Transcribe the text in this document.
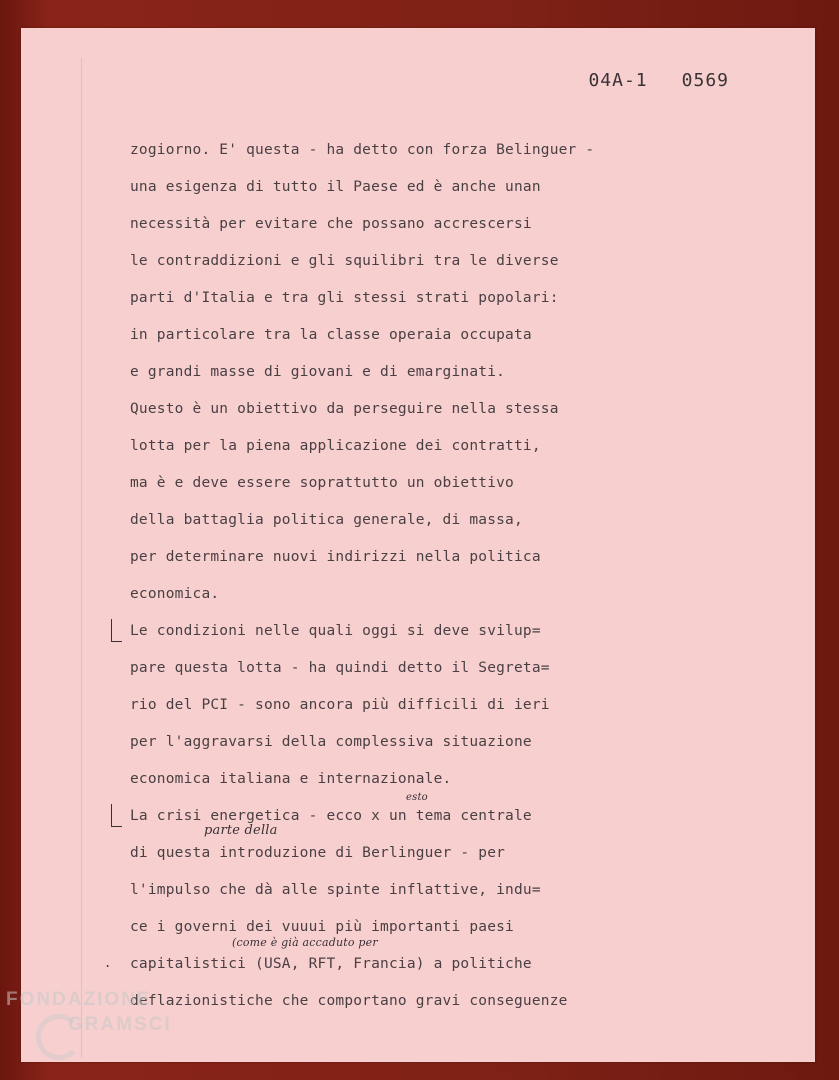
04A-1 0569
zogiorno. E' questa - ha detto con forza Belinguer -
una esigenza di tutto il Paese ed è anche unan
necessità per evitare che possano accrescersi
le contraddizioni e gli squilibri tra le diverse
parti d'Italia e tra gli stessi strati popolari:
in particolare tra la classe operaia occupata
e grandi masse di giovani e di emarginati.
Questo è un obiettivo da perseguire nella stessa
lotta per la piena applicazione dei contratti,
ma è e deve essere soprattutto un obiettivo
della battaglia politica generale, di massa,
per determinare nuovi indirizzi nella politica
economica.
Le condizioni nelle quali oggi si deve svilup=
pare questa lotta - ha quindi detto il Segreta=
rio del PCI - sono ancora più difficili di ieri
per l'aggravarsi della complessiva situazione
economica italiana e internazionale.
La crisi energetica - ecco x un tema centrale
esto
di questa introduzione di Berlinguer - per
parte della
l'impulso che dà alle spinte inflattive, indu=
ce i governi dei vuuui più importanti paesi
. capitalistici (USA, RFT, Francia) a politiche
(come è già accaduto per
deflazionistiche che comportano gravi conseguenze
FONDAZIONE
GRAMSCI
